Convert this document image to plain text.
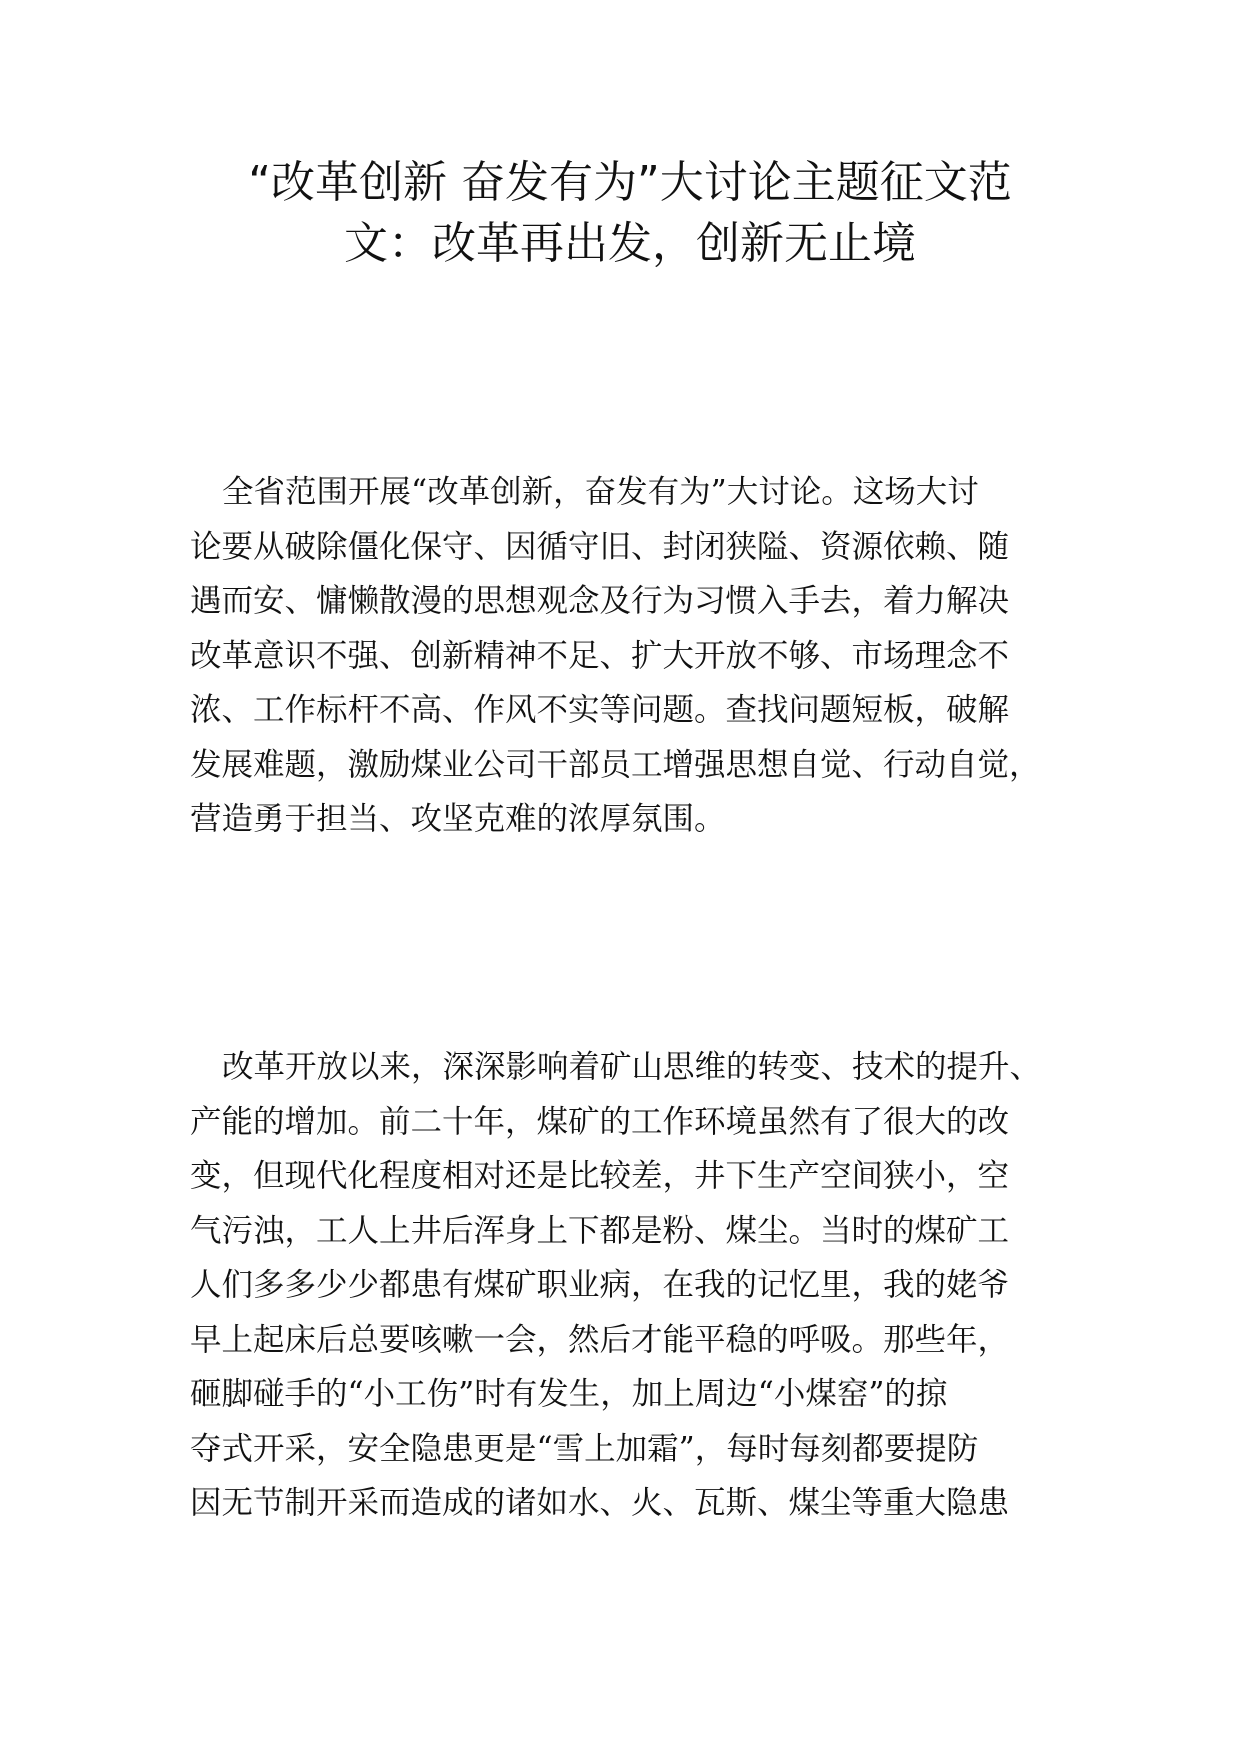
“改革创新 奋发有为”大讨论主题征文范
文：改革再出发，创新无止境

全省范围开展“改革创新，奋发有为”大讨论。这场大讨
论要从破除僵化保守、因循守旧、封闭狭隘、资源依赖、随
遇而安、慵懒散漫的思想观念及行为习惯入手去，着力解决
改革意识不强、创新精神不足、扩大开放不够、市场理念不
浓、工作标杆不高、作风不实等问题。查找问题短板，破解
发展难题，激励煤业公司干部员工增强思想自觉、行动自觉，
营造勇于担当、攻坚克难的浓厚氛围。

改革开放以来，深深影响着矿山思维的转变、技术的提升、
产能的增加。前二十年，煤矿的工作环境虽然有了很大的改
变，但现代化程度相对还是比较差，井下生产空间狭小，空
气污浊，工人上井后浑身上下都是粉、煤尘。当时的煤矿工
人们多多少少都患有煤矿职业病，在我的记忆里，我的姥爷
早上起床后总要咳嗽一会，然后才能平稳的呼吸。那些年，
砸脚碰手的“小工伤”时有发生，加上周边“小煤窑”的掠
夺式开采，安全隐患更是“雪上加霜”，每时每刻都要提防
因无节制开采而造成的诸如水、火、瓦斯、煤尘等重大隐患
